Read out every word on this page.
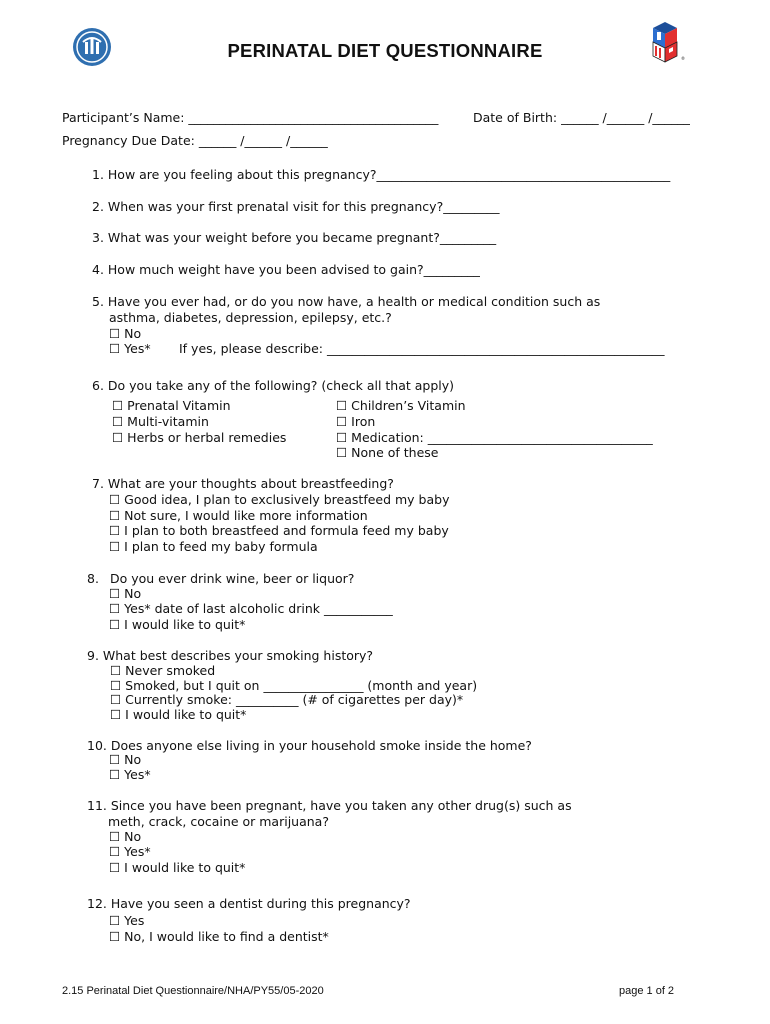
®
PERINATAL DIET QUESTIONNAIRE
Participant’s Name: ________________________________________	Date of Birth: ______ /______ /______
Pregnancy Due Date: ______ /______ /______
1. How are you feeling about this pregnancy?_______________________________________________
2. When was your first prenatal visit for this pregnancy?_________
3. What was your weight before you became pregnant?_________
4. How much weight have you been advised to gain?_________
5. Have you ever had, or do you now have, a health or medical condition such as
asthma, diabetes, depression, epilepsy, etc.?
☐ No
☐ Yes* If yes, please describe: ______________________________________________________
6. Do you take any of the following? (check all that apply)
☐ Prenatal Vitamin
☐ Multi-vitamin
☐ Herbs or herbal remedies
☐ Children’s Vitamin
☐ Iron
☐ Medication: ____________________________________
☐ None of these
7. What are your thoughts about breastfeeding?
☐ Good idea, I plan to exclusively breastfeed my baby
☐ Not sure, I would like more information
☐ I plan to both breastfeed and formula feed my baby
☐ I plan to feed my baby formula
8. Do you ever drink wine, beer or liquor?
☐ No
☐ Yes* date of last alcoholic drink ___________
☐ I would like to quit*
9. What best describes your smoking history?
☐ Never smoked
☐ Smoked, but I quit on ________________ (month and year)
☐ Currently smoke: __________ (# of cigarettes per day)*
☐ I would like to quit*
10. Does anyone else living in your household smoke inside the home?
☐ No
☐ Yes*
11. Since you have been pregnant, have you taken any other drug(s) such as
meth, crack, cocaine or marijuana?
☐ No
☐ Yes*
☐ I would like to quit*
12. Have you seen a dentist during this pregnancy?
☐ Yes
☐ No, I would like to find a dentist*
2.15 Perinatal Diet Questionnaire/NHA/PY55/05-2020	page 1 of 2
